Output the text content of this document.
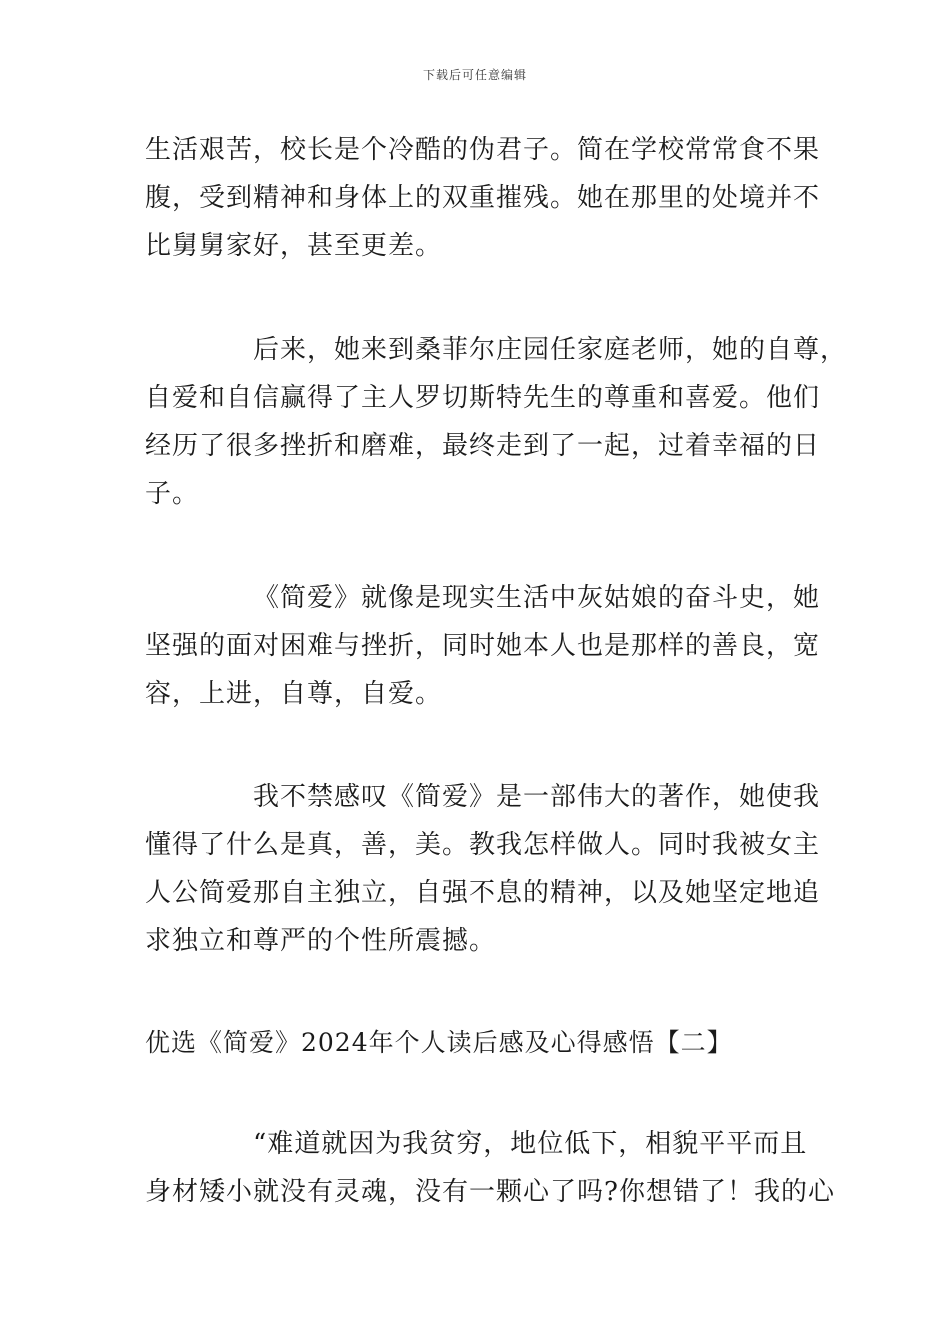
下载后可任意编辑
生活艰苦，校长是个冷酷的伪君子。简在学校常常食不果
腹，受到精神和身体上的双重摧残。她在那里的处境并不
比舅舅家好，甚至更差。
后来，她来到桑菲尔庄园任家庭老师，她的自尊，
自爱和自信赢得了主人罗切斯特先生的尊重和喜爱。他们
经历了很多挫折和磨难，最终走到了一起，过着幸福的日
子。
《简爱》就像是现实生活中灰姑娘的奋斗史，她
坚强的面对困难与挫折，同时她本人也是那样的善良，宽
容，上进，自尊，自爱。
我不禁感叹《简爱》是一部伟大的著作，她使我
懂得了什么是真，善，美。教我怎样做人。同时我被女主
人公简爱那自主独立，自强不息的精神，以及她坚定地追
求独立和尊严的个性所震撼。
优选《简爱》2024年个人读后感及心得感悟【二】
“难道就因为我贫穷，地位低下，相貌平平而且
身材矮小就没有灵魂，没有一颗心了吗?你想错了！我的心
